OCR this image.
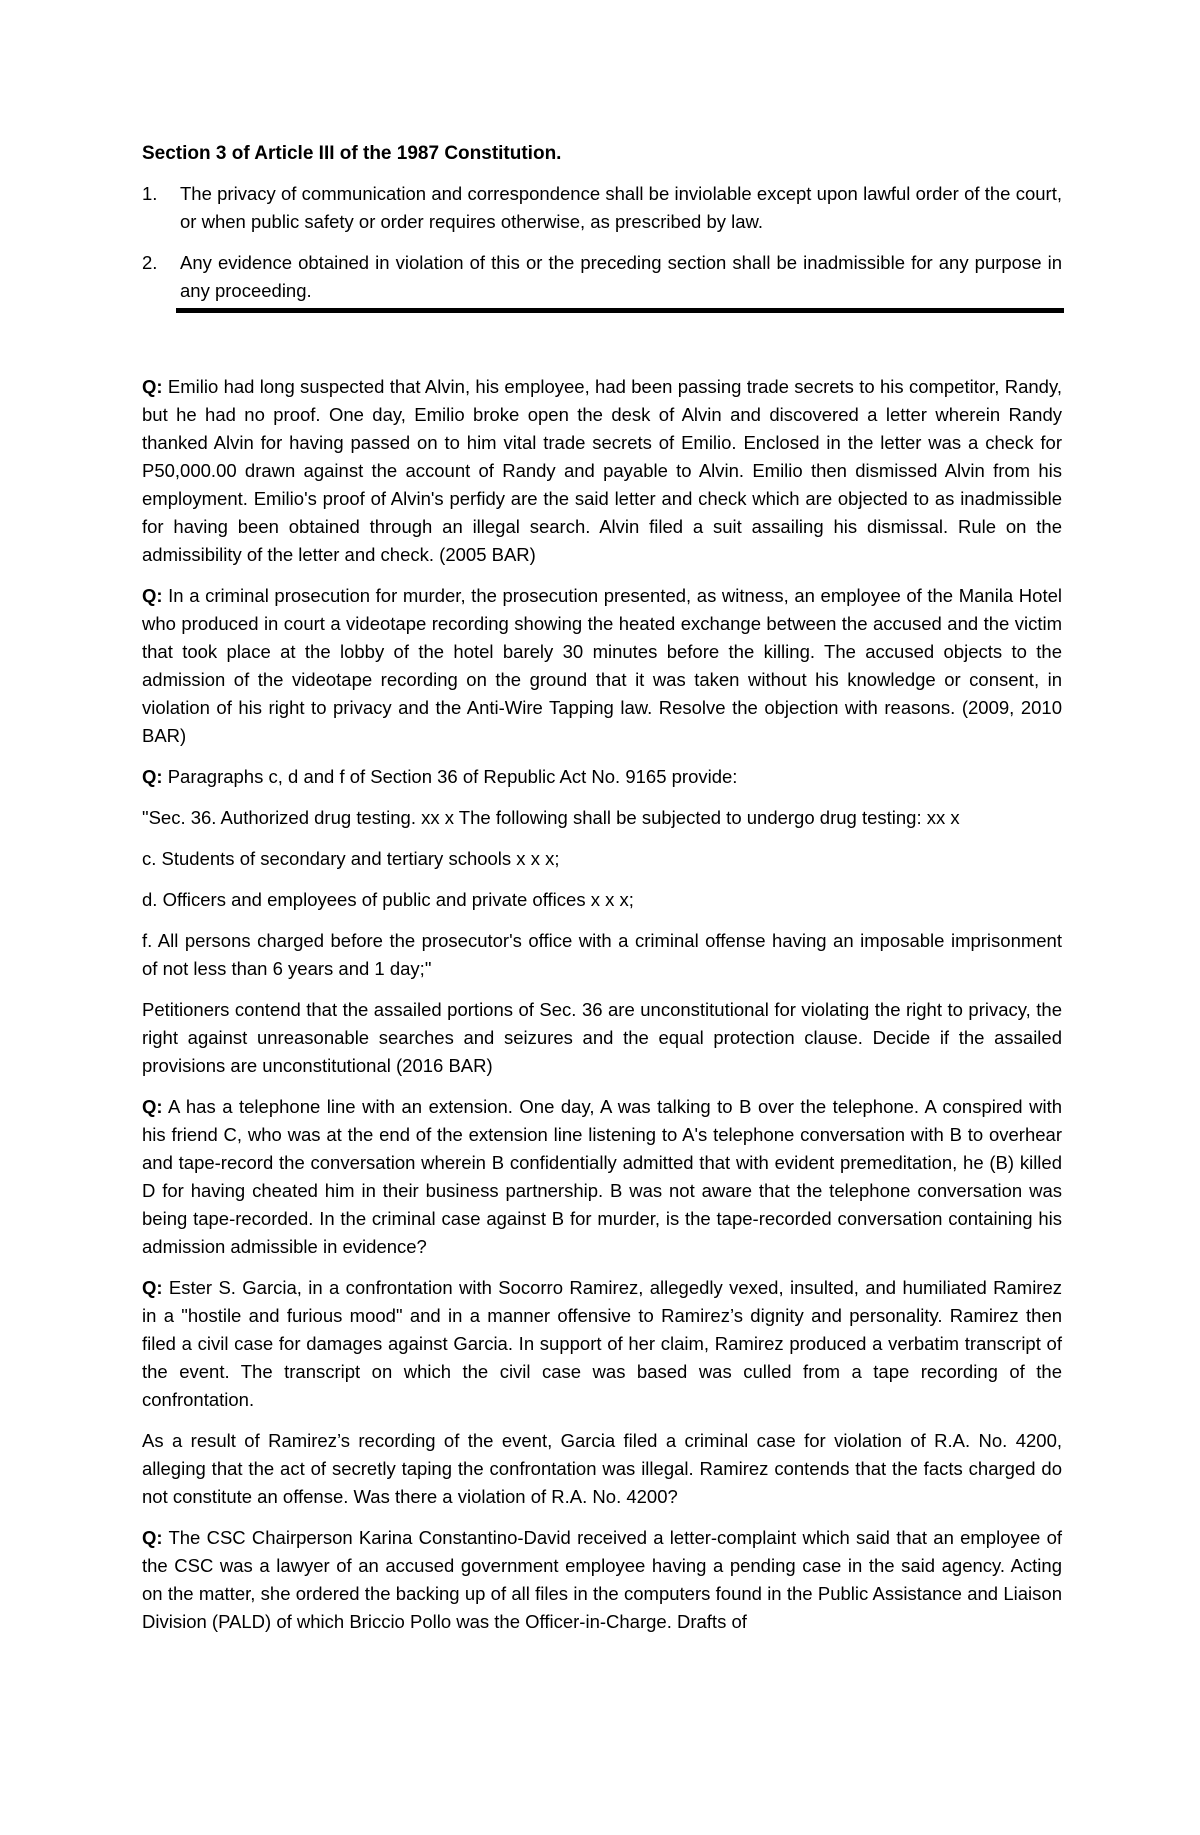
Section 3 of Article III of the 1987 Constitution.
1. The privacy of communication and correspondence shall be inviolable except upon lawful order of the court, or when public safety or order requires otherwise, as prescribed by law.
2. Any evidence obtained in violation of this or the preceding section shall be inadmissible for any purpose in any proceeding.

Q: Emilio had long suspected that Alvin, his employee, had been passing trade secrets to his competitor, Randy, but he had no proof. One day, Emilio broke open the desk of Alvin and discovered a letter wherein Randy thanked Alvin for having passed on to him vital trade secrets of Emilio. Enclosed in the letter was a check for P50,000.00 drawn against the account of Randy and payable to Alvin. Emilio then dismissed Alvin from his employment. Emilio's proof of Alvin's perfidy are the said letter and check which are objected to as inadmissible for having been obtained through an illegal search. Alvin filed a suit assailing his dismissal. Rule on the admissibility of the letter and check. (2005 BAR)

Q: In a criminal prosecution for murder, the prosecution presented, as witness, an employee of the Manila Hotel who produced in court a videotape recording showing the heated exchange between the accused and the victim that took place at the lobby of the hotel barely 30 minutes before the killing. The accused objects to the admission of the videotape recording on the ground that it was taken without his knowledge or consent, in violation of his right to privacy and the Anti-Wire Tapping law. Resolve the objection with reasons. (2009, 2010 BAR)

Q: Paragraphs c, d and f of Section 36 of Republic Act No. 9165 provide:

"Sec. 36. Authorized drug testing. xx x The following shall be subjected to undergo drug testing: xx x

c. Students of secondary and tertiary schools x x x;

d. Officers and employees of public and private offices x x x;

f. All persons charged before the prosecutor's office with a criminal offense having an imposable imprisonment of not less than 6 years and 1 day;"

Petitioners contend that the assailed portions of Sec. 36 are unconstitutional for violating the right to privacy, the right against unreasonable searches and seizures and the equal protection clause. Decide if the assailed provisions are unconstitutional (2016 BAR)

Q: A has a telephone line with an extension. One day, A was talking to B over the telephone. A conspired with his friend C, who was at the end of the extension line listening to A's telephone conversation with B to overhear and tape-record the conversation wherein B confidentially admitted that with evident premeditation, he (B) killed D for having cheated him in their business partnership. B was not aware that the telephone conversation was being tape-recorded. In the criminal case against B for murder, is the tape-recorded conversation containing his admission admissible in evidence?

Q: Ester S. Garcia, in a confrontation with Socorro Ramirez, allegedly vexed, insulted, and humiliated Ramirez in a "hostile and furious mood" and in a manner offensive to Ramirez’s dignity and personality. Ramirez then filed a civil case for damages against Garcia. In support of her claim, Ramirez produced a verbatim transcript of the event. The transcript on which the civil case was based was culled from a tape recording of the confrontation.

As a result of Ramirez’s recording of the event, Garcia filed a criminal case for violation of R.A. No. 4200, alleging that the act of secretly taping the confrontation was illegal. Ramirez contends that the facts charged do not constitute an offense. Was there a violation of R.A. No. 4200?

Q: The CSC Chairperson Karina Constantino-David received a letter-complaint which said that an employee of the CSC was a lawyer of an accused government employee having a pending case in the said agency. Acting on the matter, she ordered the backing up of all files in the computers found in the Public Assistance and Liaison Division (PALD) of which Briccio Pollo was the Officer-in-Charge. Drafts of
